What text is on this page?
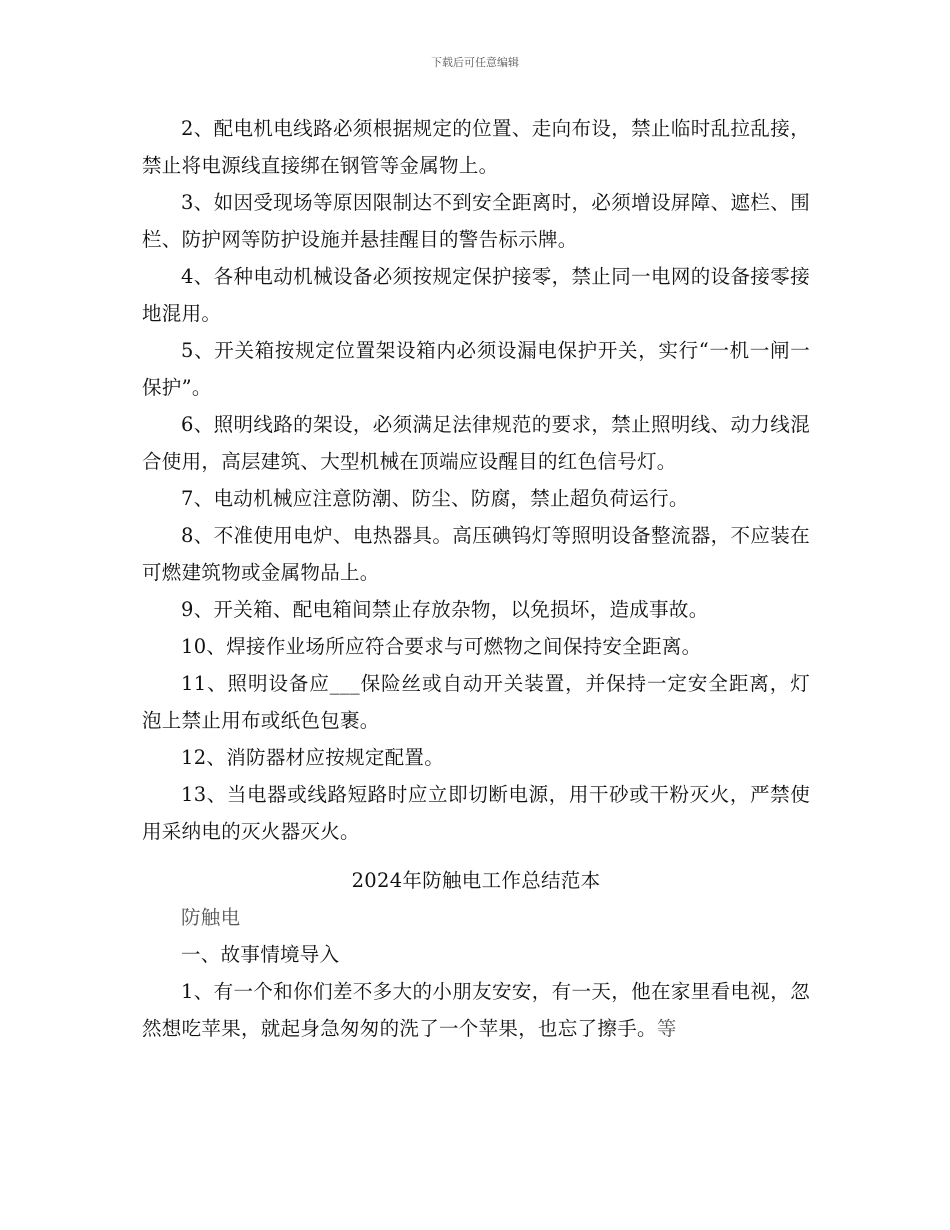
下载后可任意编辑

2、配电机电线路必须根据规定的位置、走向布设，禁止临时乱拉乱接，禁止将电源线直接绑在钢管等金属物上。

3、如因受现场等原因限制达不到安全距离时，必须增设屏障、遮栏、围栏、防护网等防护设施并悬挂醒目的警告标示牌。

4、各种电动机械设备必须按规定保护接零，禁止同一电网的设备接零接地混用。

5、开关箱按规定位置架设箱内必须设漏电保护开关，实行“一机一闸一保护”。

6、照明线路的架设，必须满足法律规范的要求，禁止照明线、动力线混合使用，高层建筑、大型机械在顶端应设醒目的红色信号灯。

7、电动机械应注意防潮、防尘、防腐，禁止超负荷运行。

8、不准使用电炉、电热器具。高压碘钨灯等照明设备整流器，不应装在可燃建筑物或金属物品上。

9、开关箱、配电箱间禁止存放杂物，以免损坏，造成事故。

10、焊接作业场所应符合要求与可燃物之间保持安全距离。

11、照明设备应___保险丝或自动开关装置，并保持一定安全距离，灯泡上禁止用布或纸色包裹。

12、消防器材应按规定配置。

13、当电器或线路短路时应立即切断电源，用干砂或干粉灭火，严禁使用采纳电的灭火器灭火。

2024年防触电工作总结范本

防触电

一、故事情境导入

1、有一个和你们差不多大的小朋友安安，有一天，他在家里看电视，忽然想吃苹果，就起身急匆匆的洗了一个苹果，也忘了擦手。等
